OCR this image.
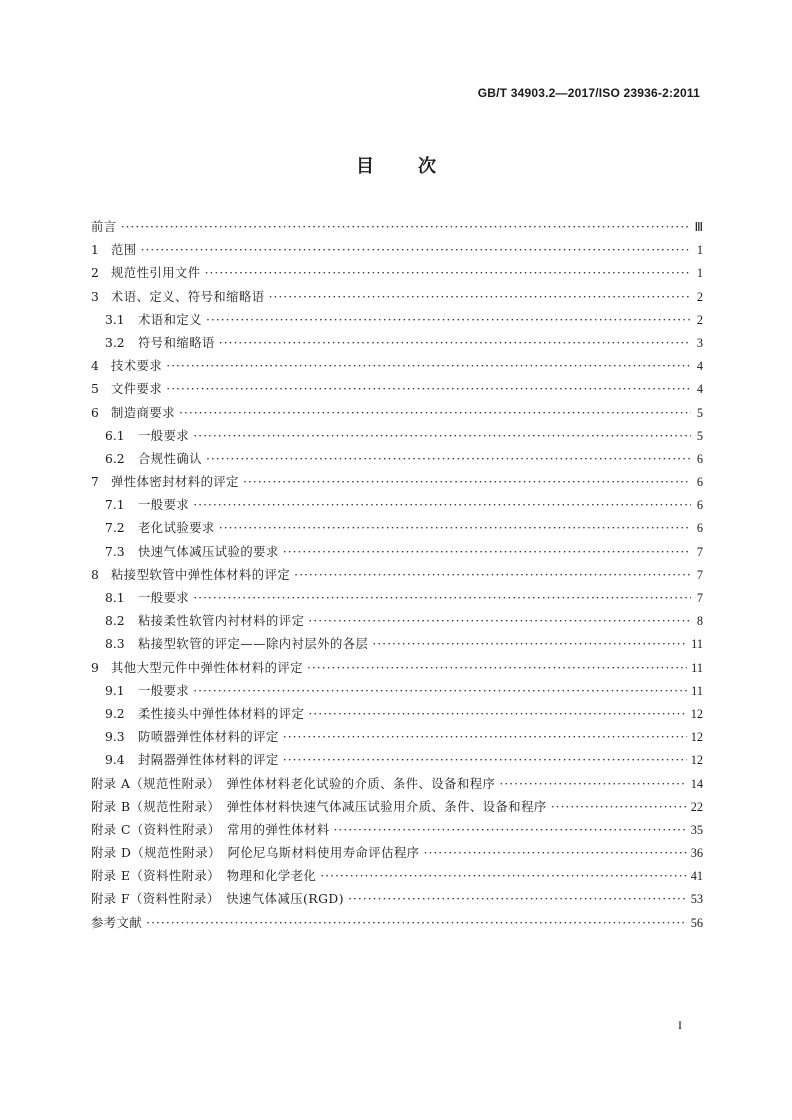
GB/T 34903.2—2017/ISO 23936-2:2011
目 次
前言 ·····	Ⅲ
1 范围 ·····	1
2 规范性引用文件 ·····	1
3 术语、定义、符号和缩略语 ·····	2
3.1	术语和定义 ·····	2
3.2	符号和缩略语 ·····	3
4 技术要求 ·····	4
5 文件要求 ·····	4
6 制造商要求 ·····	5
6.1	一般要求 ·····	5
6.2	合规性确认 ·····	6
7 弹性体密封材料的评定 ·····	6
7.1	一般要求 ·····	6
7.2	老化试验要求 ·····	6
7.3	快速气体减压试验的要求 ·····	7
8 粘接型软管中弹性体材料的评定 ·····	7
8.1	一般要求 ·····	7
8.2	粘接柔性软管内衬材料的评定 ·····	8
8.3	粘接型软管的评定——除内衬层外的各层 ·····	11
9 其他大型元件中弹性体材料的评定 ·····	11
9.1	一般要求 ·····	11
9.2	柔性接头中弹性体材料的评定 ·····	12
9.3	防喷器弹性体材料的评定 ·····	12
9.4	封隔器弹性体材料的评定 ·····	12
附录 A（规范性附录）　弹性体材料老化试验的介质、条件、设备和程序 ·····	14
附录 B（规范性附录）　弹性体材料快速气体减压试验用介质、条件、设备和程序 ·····	22
附录 C（资料性附录）　常用的弹性体材料 ·····	35
附录 D（规范性附录）　阿伦尼乌斯材料使用寿命评估程序 ·····	36
附录 E（资料性附录）　物理和化学老化 ·····	41
附录 F（资料性附录）　快速气体减压(RGD) ·····	53
参考文献 ·····	56
I
